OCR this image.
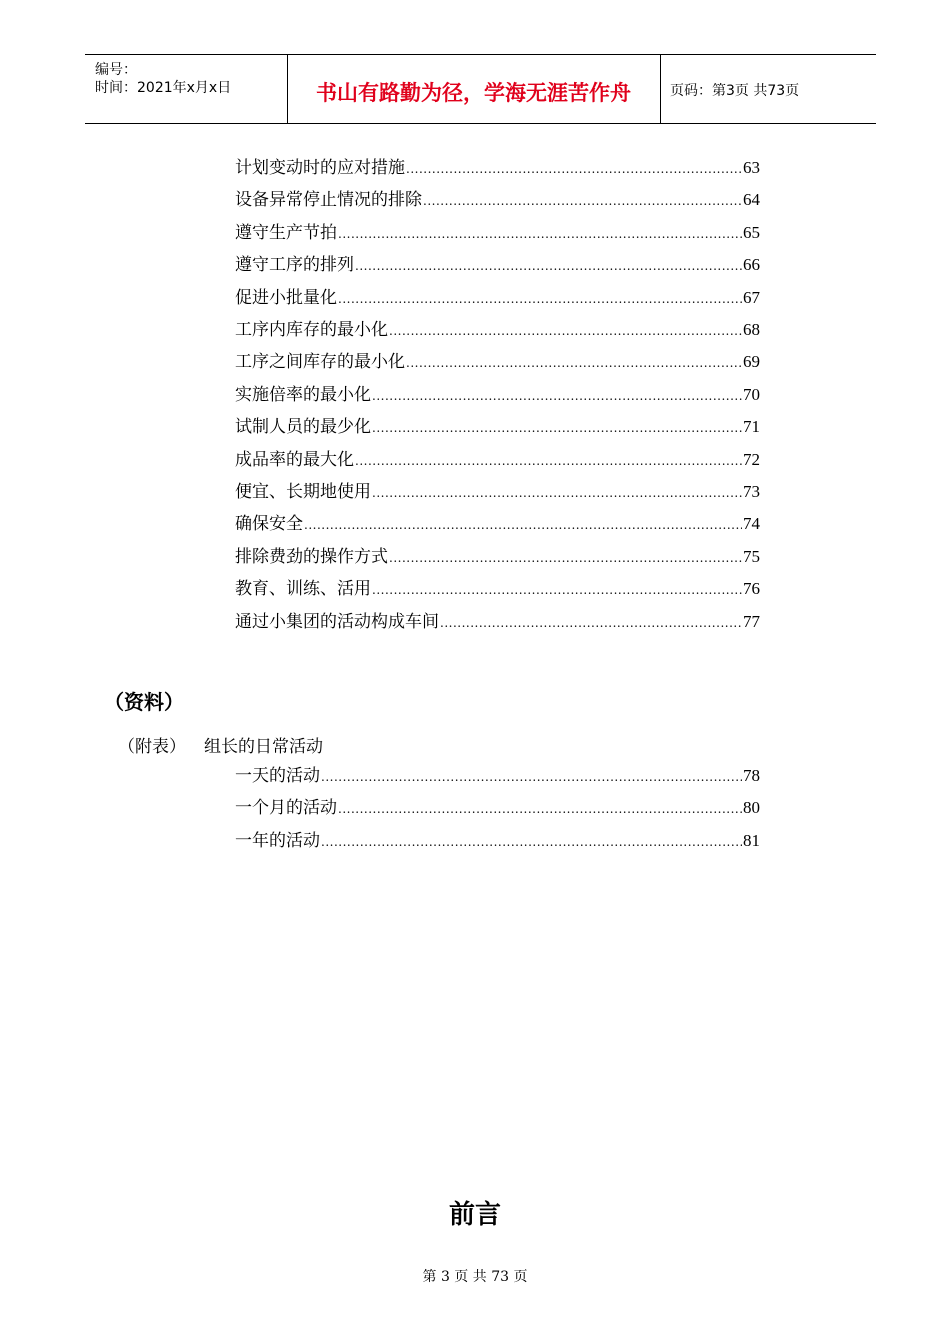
编号：
时间：2021年x月x日	书山有路勤为径，学海无涯苦作舟	页码：第3页 共73页
计划变动时的应对措施 .....	63
设备异常停止情况的排除 .....	64
遵守生产节拍 .....	65
遵守工序的排列 .....	66
促进小批量化 .....	67
工序内库存的最小化 .....	68
工序之间库存的最小化 .....	69
实施倍率的最小化 .....	70
试制人员的最少化 .....	71
成品率的最大化 .....	72
便宜、长期地使用 .....	73
确保安全 .....	74
排除费劲的操作方式 .....	75
教育、训练、活用 .....	76
通过小集团的活动构成车间 .....	77
（资料）
（附表） 组长的日常活动
一天的活动 .....	78
一个月的活动 .....	80
一年的活动 .....	81
前言
第 3 页 共 73 页
